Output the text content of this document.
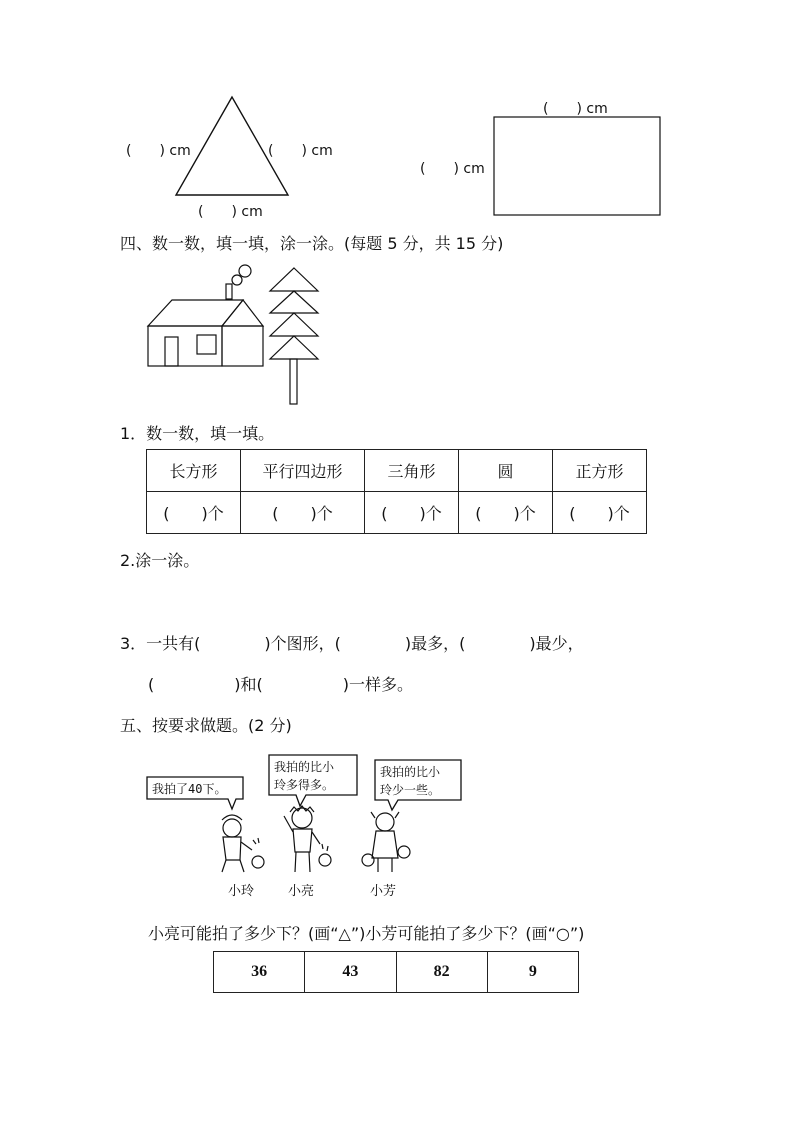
(　　) cm	(　　) cm
(　　) cm
(　　) cm
(　　) cm
四、数一数，填一填，涂一涂。(每题 5 分，共 15 分)
1．数一数，填一填。
长方形	平行四边形	三角形	圆	正方形
(　　)个	(　　)个	(　　)个	(　　)个	(　　)个
2.涂一涂。
3．一共有(　　　　)个图形，(　　　　)最多，(　　　　)最少，
(　　　　　)和(　　　　　)一样多。
五、按要求做题。(2 分)
我拍了40下。
我拍的比小
玲多得多。
我拍的比小
玲少一些。
小玲	小亮	小芳
小亮可能拍了多少下？(画“△”)小芳可能拍了多少下？(画“○”)
36	43	82	9
